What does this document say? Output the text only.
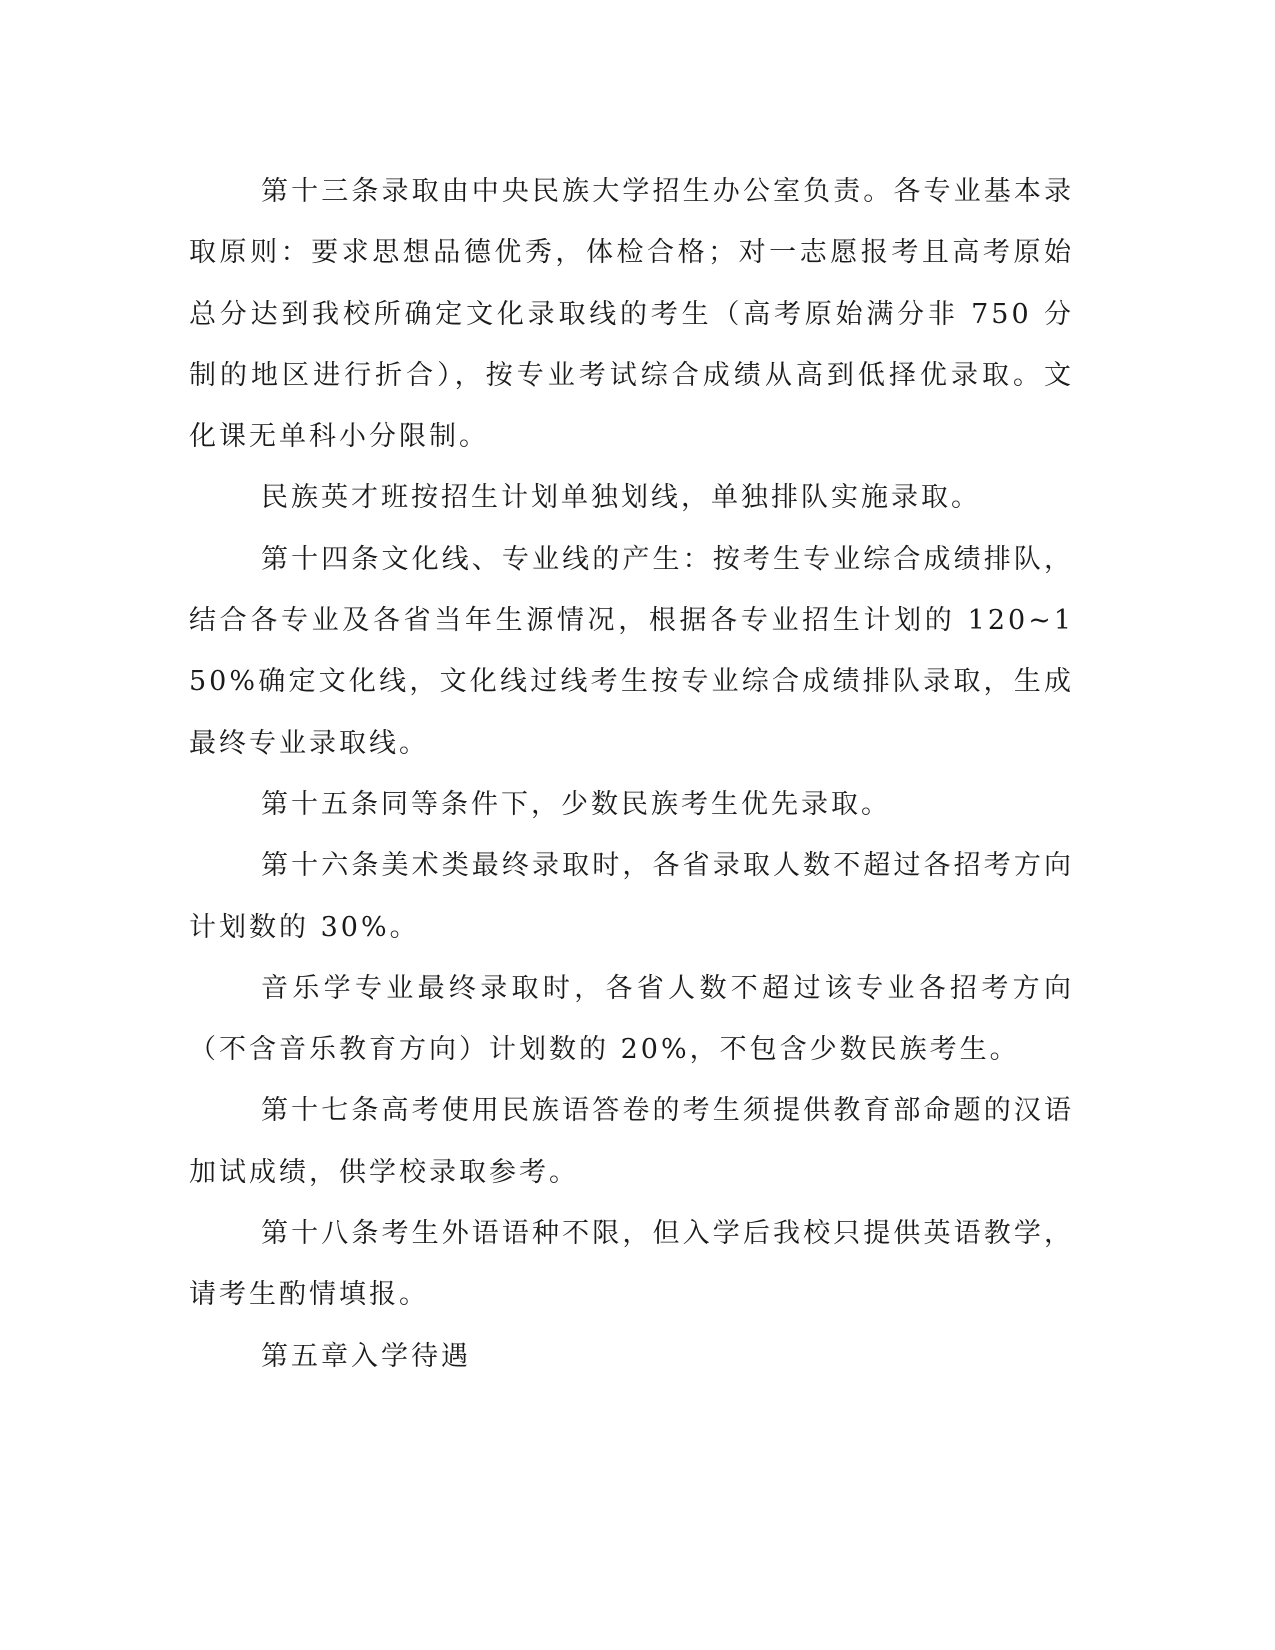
第十三条录取由中央民族大学招生办公室负责。各专业基本录取原则：要求思想品德优秀，体检合格；对一志愿报考且高考原始总分达到我校所确定文化录取线的考生（高考原始满分非 750 分制的地区进行折合），按专业考试综合成绩从高到低择优录取。文化课无单科小分限制。

民族英才班按招生计划单独划线，单独排队实施录取。

第十四条文化线、专业线的产生：按考生专业综合成绩排队，结合各专业及各省当年生源情况，根据各专业招生计划的 120~150%确定文化线，文化线过线考生按专业综合成绩排队录取，生成最终专业录取线。

第十五条同等条件下，少数民族考生优先录取。

第十六条美术类最终录取时，各省录取人数不超过各招考方向计划数的 30%。

音乐学专业最终录取时，各省人数不超过该专业各招考方向（不含音乐教育方向）计划数的 20%，不包含少数民族考生。

第十七条高考使用民族语答卷的考生须提供教育部命题的汉语加试成绩，供学校录取参考。

第十八条考生外语语种不限，但入学后我校只提供英语教学，请考生酌情填报。

第五章入学待遇
